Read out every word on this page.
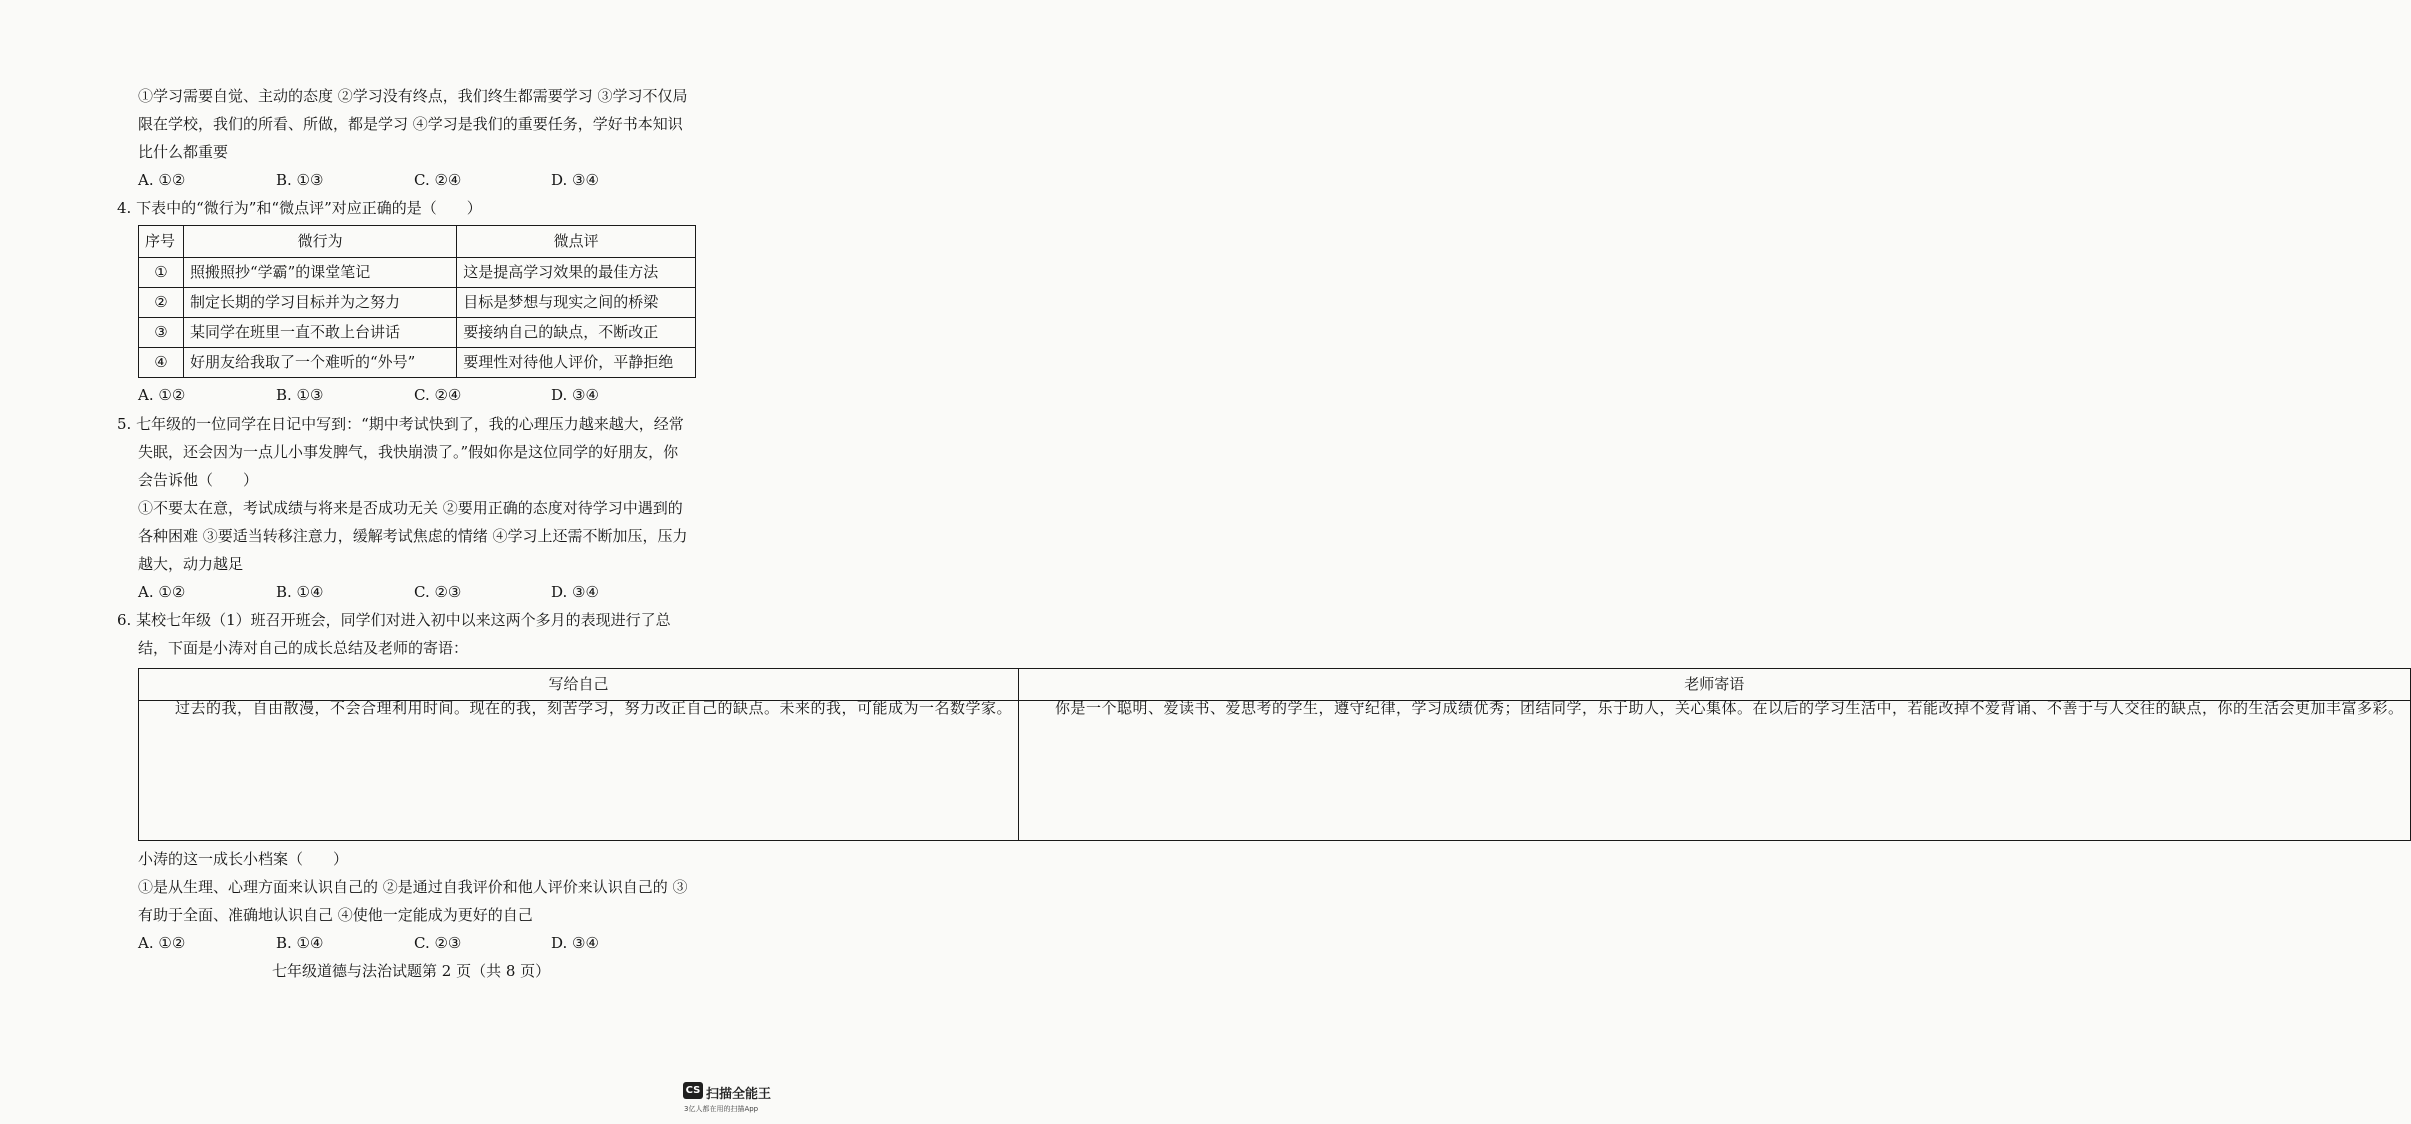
①学习需要自觉、主动的态度 ②学习没有终点，我们终生都需要学习 ③学习不仅局
限在学校，我们的所看、所做，都是学习 ④学习是我们的重要任务，学好书本知识
比什么都重要
A. ①②	B. ①③	C. ②④	D. ③④
4. 下表中的“微行为”和“微点评”对应正确的是（　　）
序号	微行为	微点评
①	照搬照抄“学霸”的课堂笔记	这是提高学习效果的最佳方法
②	制定长期的学习目标并为之努力	目标是梦想与现实之间的桥梁
③	某同学在班里一直不敢上台讲话	要接纳自己的缺点，不断改正
④	好朋友给我取了一个难听的“外号”	要理性对待他人评价，平静拒绝
A. ①②	B. ①③	C. ②④	D. ③④
5. 七年级的一位同学在日记中写到：“期中考试快到了，我的心理压力越来越大，经常
失眠，还会因为一点儿小事发脾气，我快崩溃了。”假如你是这位同学的好朋友，你
会告诉他（　　）
①不要太在意，考试成绩与将来是否成功无关 ②要用正确的态度对待学习中遇到的
各种困难 ③要适当转移注意力，缓解考试焦虑的情绪 ④学习上还需不断加压，压力
越大，动力越足
A. ①②	B. ①④	C. ②③	D. ③④
6. 某校七年级（1）班召开班会，同学们对进入初中以来这两个多月的表现进行了总
结，下面是小涛对自己的成长总结及老师的寄语：
写给自己	老师寄语
过去的我，自由散漫，不会合理利用时间。现在的我，刻苦学习，努力改正自己的缺点。未来的我，可能成为一名数学家。	你是一个聪明、爱读书、爱思考的学生，遵守纪律，学习成绩优秀；团结同学，乐于助人，关心集体。在以后的学习生活中，若能改掉不爱背诵、不善于与人交往的缺点，你的生活会更加丰富多彩。
小涛的这一成长小档案（　　）
①是从生理、心理方面来认识自己的 ②是通过自我评价和他人评价来认识自己的 ③
有助于全面、准确地认识自己 ④使他一定能成为更好的自己
A. ①②	B. ①④	C. ②③	D. ③④
七年级道德与法治试题第 2 页（共 8 页）
CS 扫描全能王
3亿人都在用的扫描App
